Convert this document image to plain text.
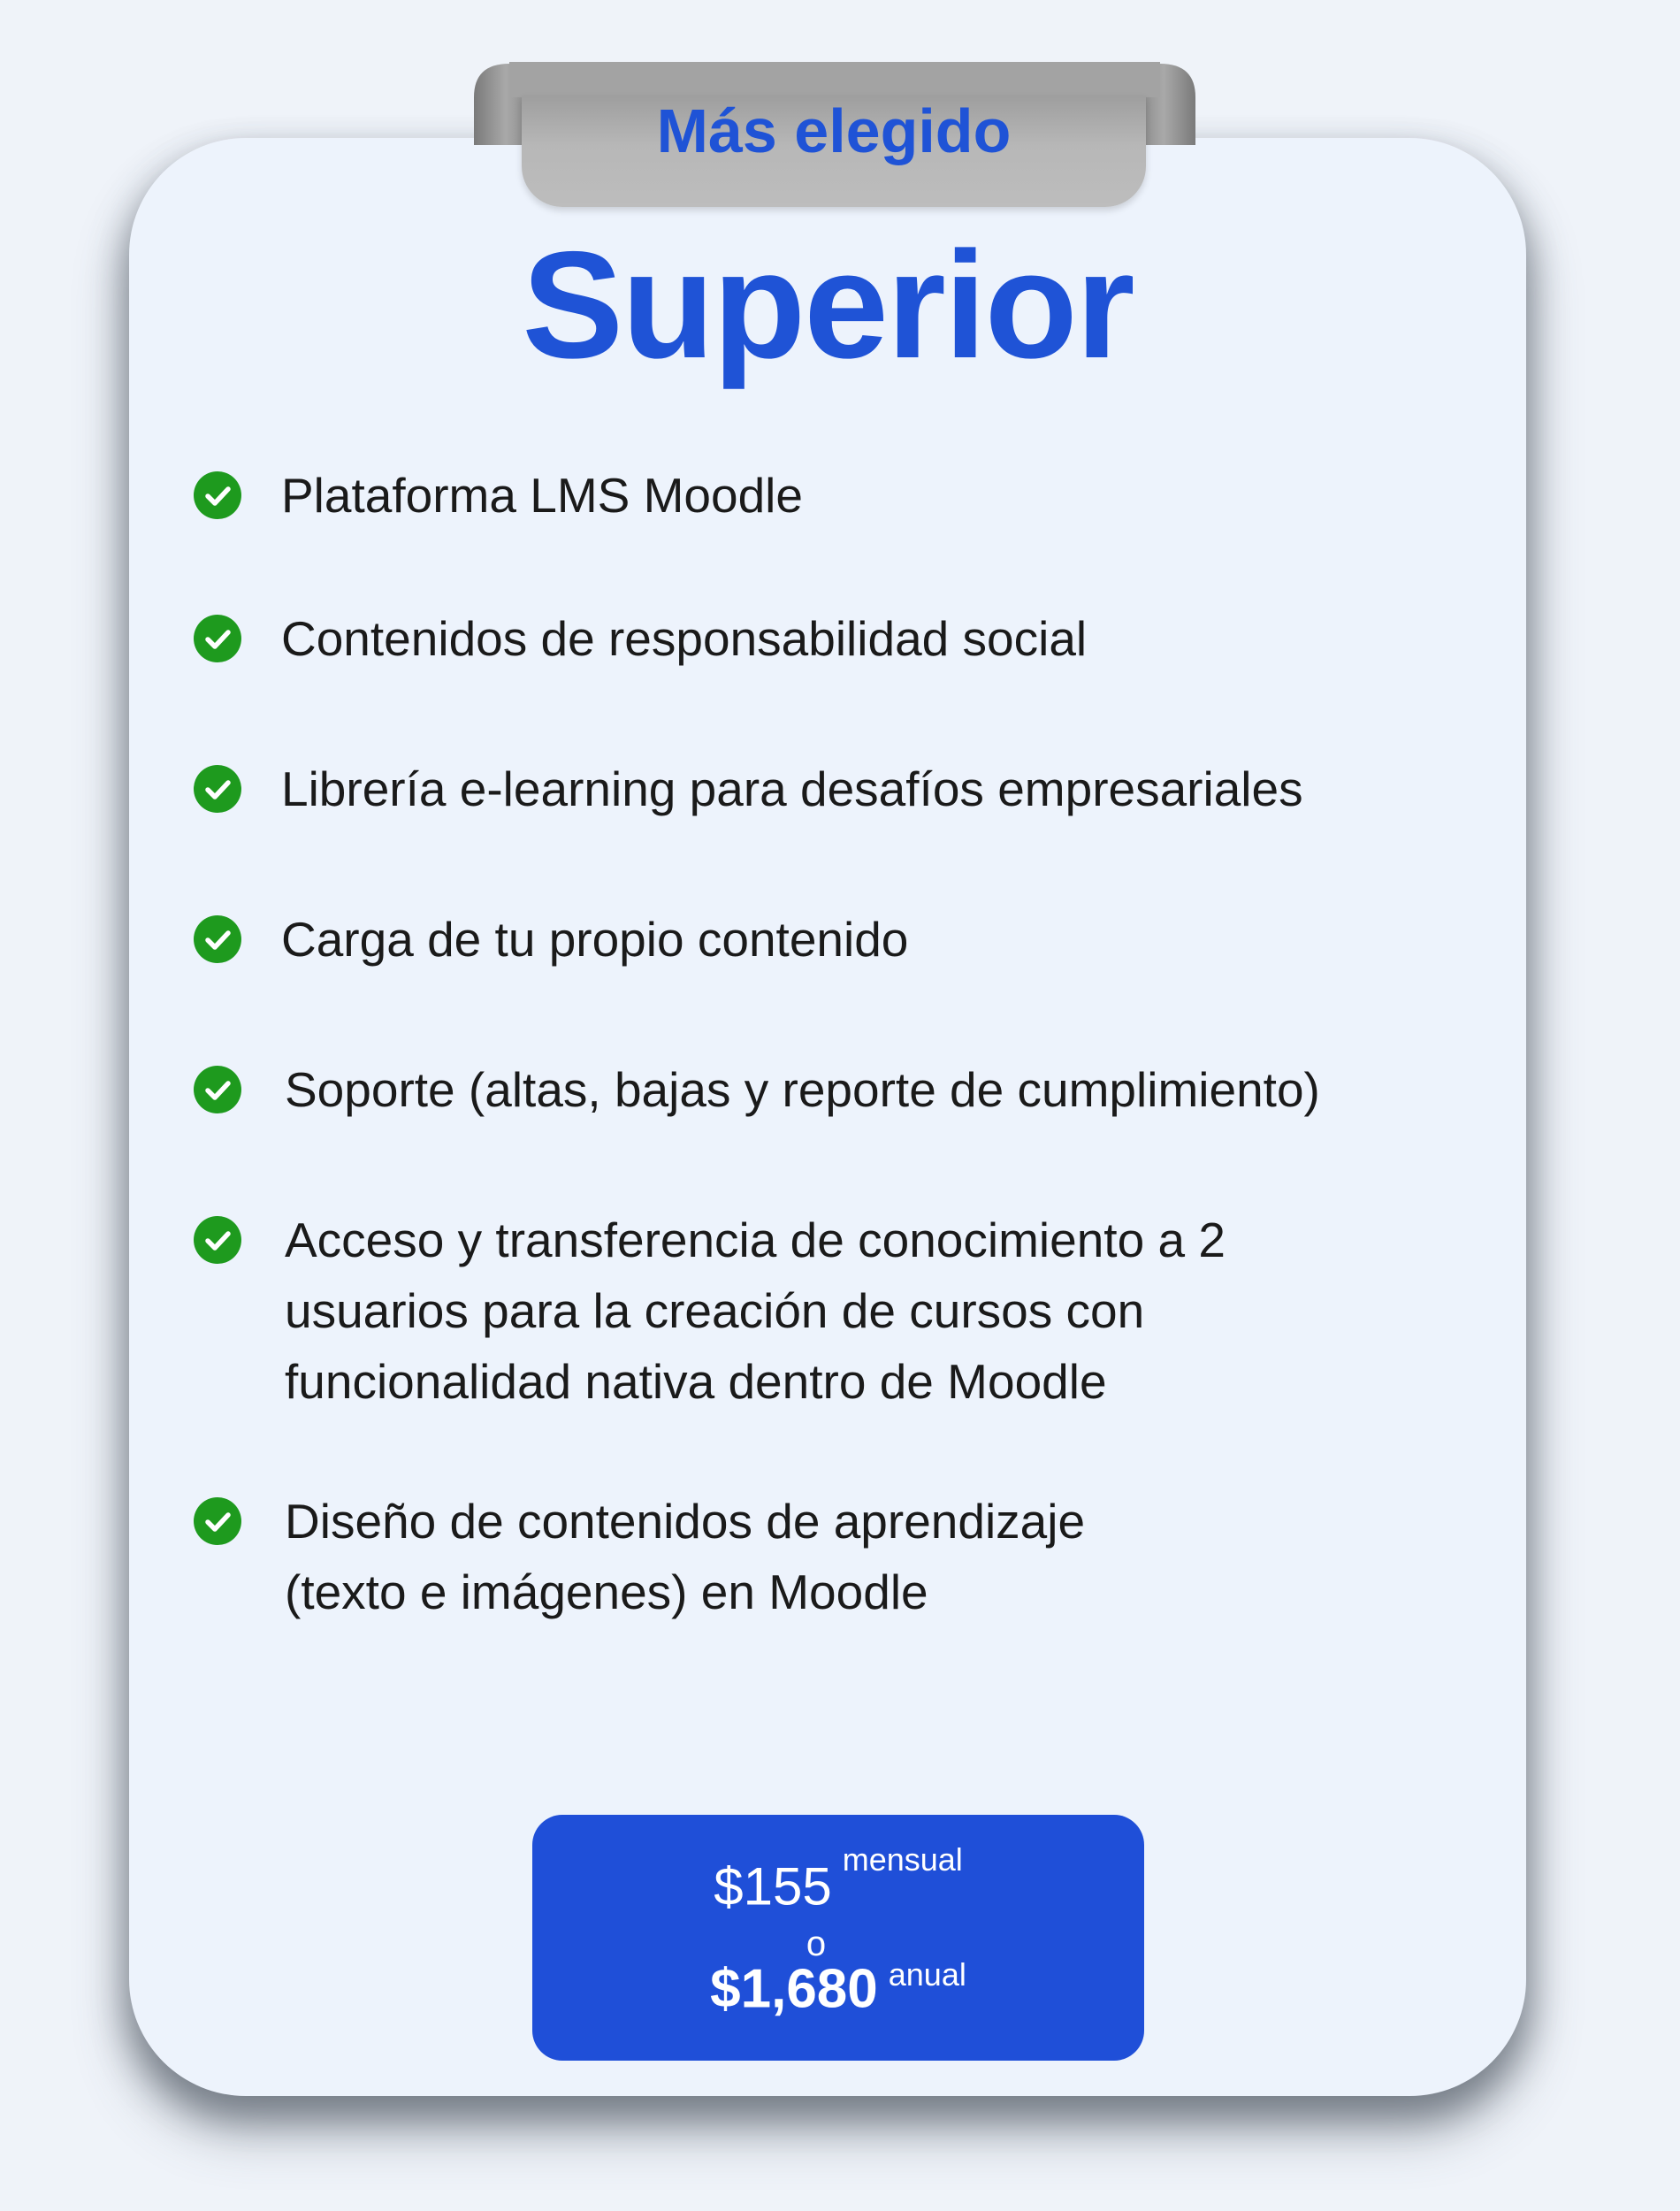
Más elegido
Superior
Plataforma LMS Moodle
Contenidos de responsabilidad social
Librería e-learning para desafíos empresariales
Carga de tu propio contenido
Soporte (altas, bajas y reporte de cumplimiento)
Acceso y transferencia de conocimiento a 2
usuarios para la creación de cursos con
funcionalidad nativa dentro de Moodle
Diseño de contenidos de aprendizaje
(texto e imágenes) en Moodle
$155 mensual
o
$1,680 anual
